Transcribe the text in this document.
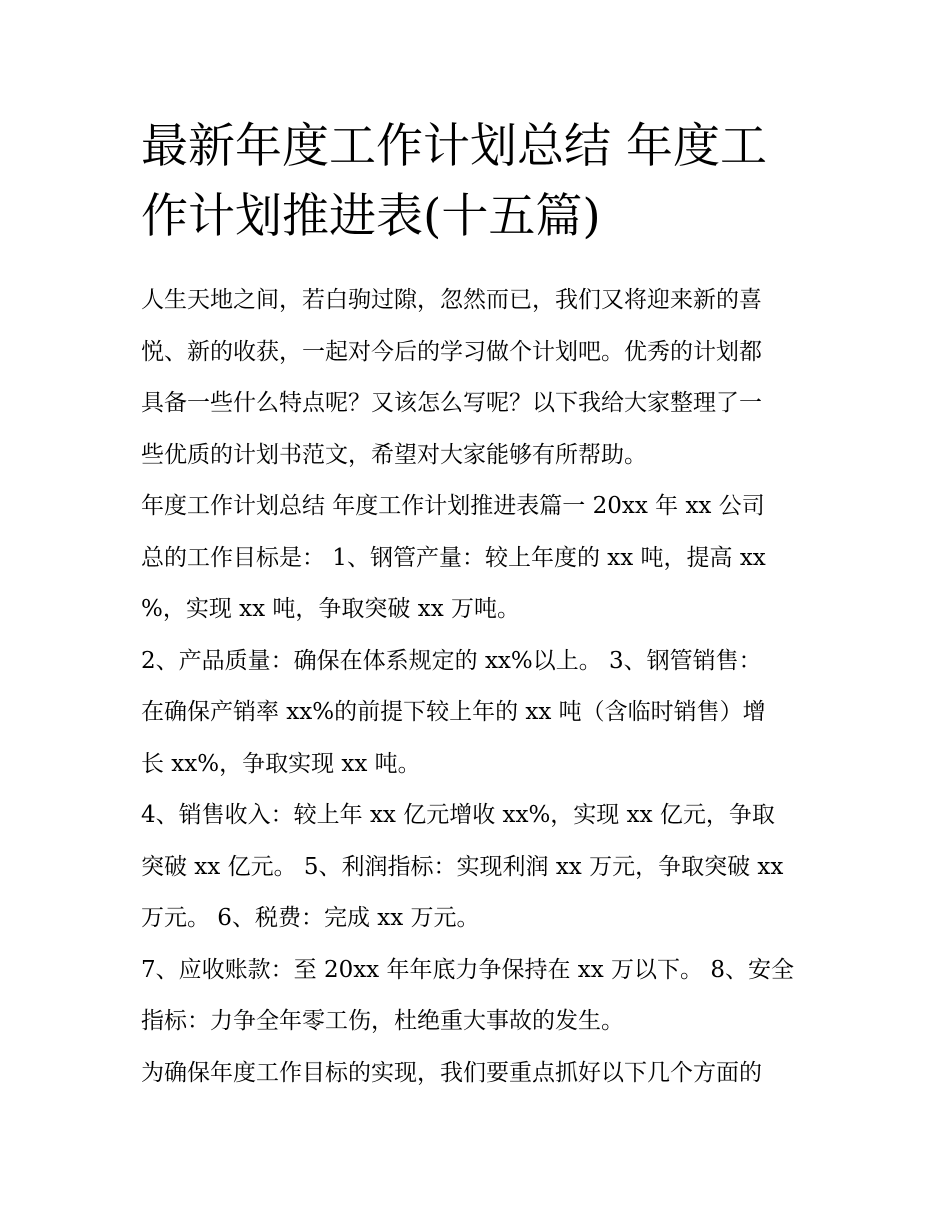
最新年度工作计划总结 年度工
作计划推进表(十五篇)

人生天地之间，若白驹过隙，忽然而已，我们又将迎来新的喜

悦、新的收获，一起对今后的学习做个计划吧。优秀的计划都

具备一些什么特点呢？又该怎么写呢？以下我给大家整理了一

些优质的计划书范文，希望对大家能够有所帮助。

年度工作计划总结 年度工作计划推进表篇一 20xx 年 xx 公司

总的工作目标是： 1、钢管产量：较上年度的 xx 吨，提高 xx

%，实现 xx 吨，争取突破 xx 万吨。

2、产品质量：确保在体系规定的 xx%以上。 3、钢管销售：

在确保产销率 xx%的前提下较上年的 xx 吨（含临时销售）增

长 xx%，争取实现 xx 吨。

4、销售收入：较上年 xx 亿元增收 xx%，实现 xx 亿元，争取

突破 xx 亿元。 5、利润指标：实现利润 xx 万元，争取突破 xx

万元。 6、税费：完成 xx 万元。

7、应收账款：至 20xx 年年底力争保持在 xx 万以下。 8、安全

指标：力争全年零工伤，杜绝重大事故的发生。

为确保年度工作目标的实现，我们要重点抓好以下几个方面的
